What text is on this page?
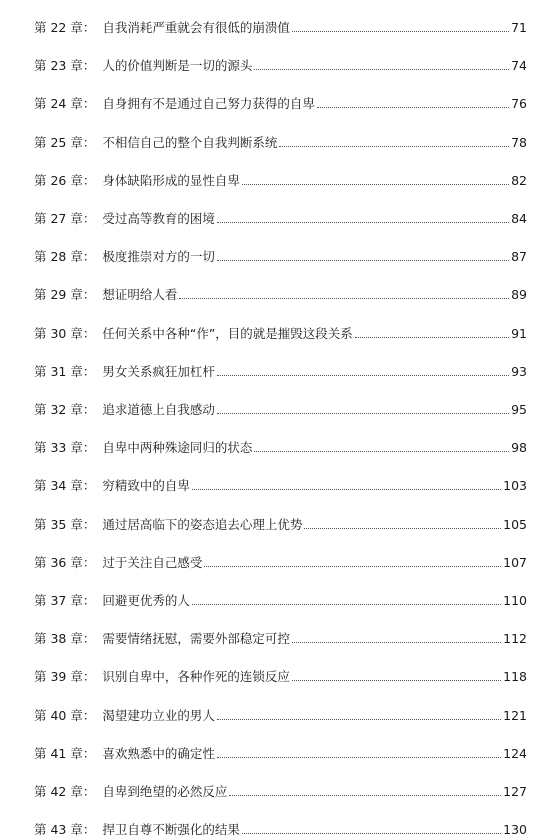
第 22 章： 自我消耗严重就会有很低的崩溃值	71
第 23 章： 人的价值判断是一切的源头	74
第 24 章： 自身拥有不是通过自己努力获得的自卑	76
第 25 章： 不相信自己的整个自我判断系统	78
第 26 章： 身体缺陷形成的显性自卑	82
第 27 章： 受过高等教育的困境	84
第 28 章： 极度推崇对方的一切	87
第 29 章： 想证明给人看	89
第 30 章： 任何关系中各种“作”，目的就是摧毁这段关系	91
第 31 章： 男女关系疯狂加杠杆	93
第 32 章： 追求道德上自我感动	95
第 33 章： 自卑中两种殊途同归的状态	98
第 34 章： 穷精致中的自卑	103
第 35 章： 通过居高临下的姿态追去心理上优势	105
第 36 章： 过于关注自己感受	107
第 37 章： 回避更优秀的人	110
第 38 章： 需要情绪抚慰，需要外部稳定可控	112
第 39 章： 识别自卑中，各种作死的连锁反应	118
第 40 章： 渴望建功立业的男人	121
第 41 章： 喜欢熟悉中的确定性	124
第 42 章： 自卑到绝望的必然反应	127
第 43 章： 捍卫自尊不断强化的结果	130
